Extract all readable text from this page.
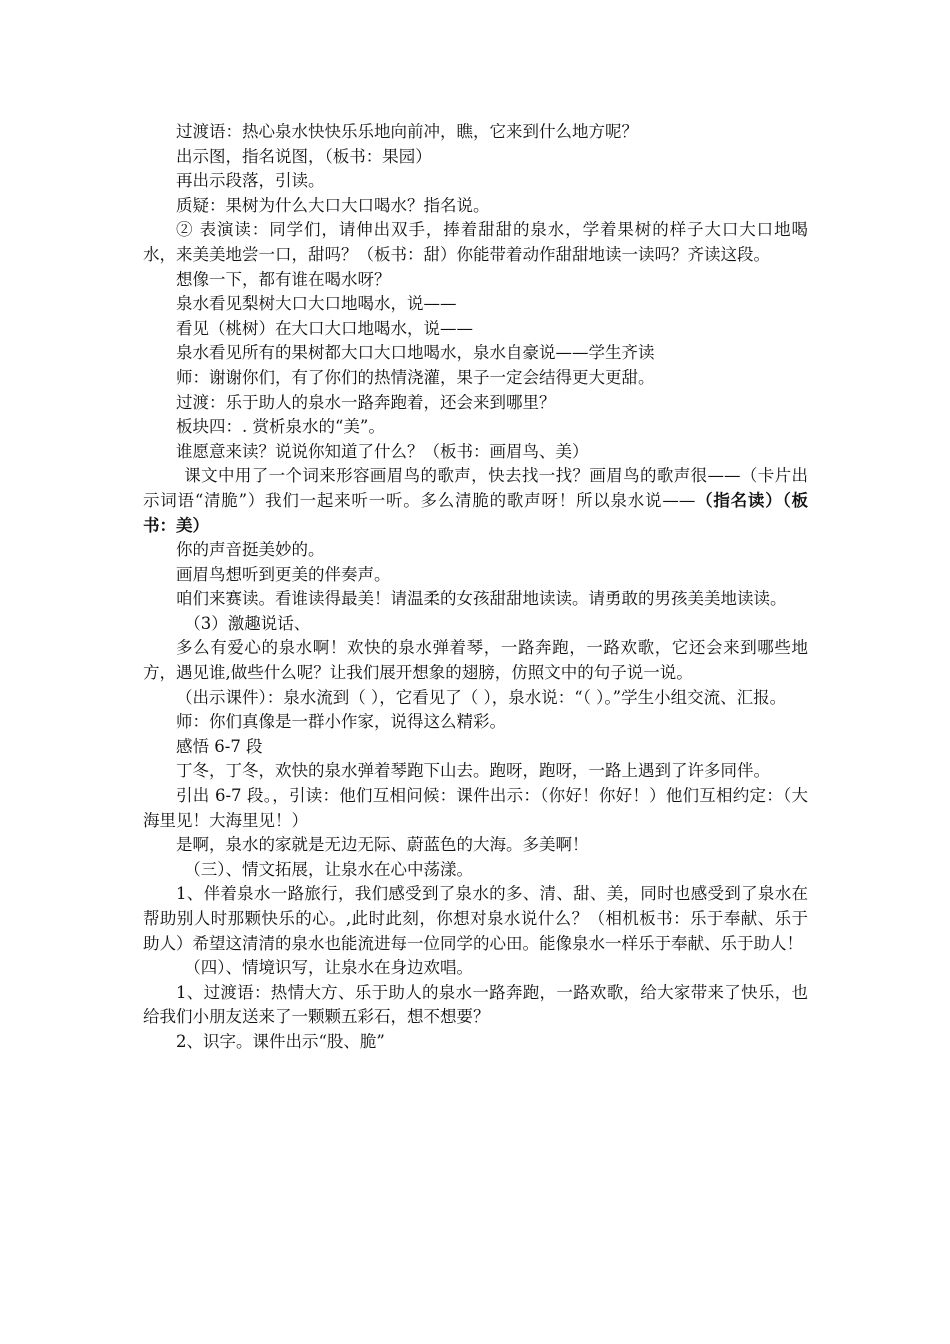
过渡语：热心泉水快快乐乐地向前冲，瞧，它来到什么地方呢？

出示图，指名说图，（板书：果园）

再出示段落，引读。

质疑：果树为什么大口大口喝水？指名说。

② 表演读：同学们，请伸出双手，捧着甜甜的泉水，学着果树的样子大口大口地喝水，来美美地尝一口，甜吗？（板书：甜）你能带着动作甜甜地读一读吗？齐读这段。

想像一下，都有谁在喝水呀？

泉水看见梨树大口大口地喝水，说——

看见（桃树）在大口大口地喝水，说——

泉水看见所有的果树都大口大口地喝水，泉水自豪说——学生齐读

师：谢谢你们，有了你们的热情浇灌，果子一定会结得更大更甜。

过渡：乐于助人的泉水一路奔跑着，还会来到哪里？

板块四：. 赏析泉水的“美”。

谁愿意来读？说说你知道了什么？（板书：画眉鸟、美）

课文中用了一个词来形容画眉鸟的歌声，快去找一找？画眉鸟的歌声很——（卡片出示词语“清脆”）我们一起来听一听。多么清脆的歌声呀！所以泉水说——（指名读）（板书：美）

你的声音挺美妙的。

画眉鸟想听到更美的伴奏声。

咱们来赛读。看谁读得最美！请温柔的女孩甜甜地读读。请勇敢的男孩美美地读读。

（3）激趣说话、

多么有爱心的泉水啊！欢快的泉水弹着琴，一路奔跑，一路欢歌，它还会来到哪些地方，遇见谁,做些什么呢？让我们展开想象的翅膀，仿照文中的句子说一说。

（出示课件）：泉水流到（ ），它看见了（ ），泉水说：“（ ）。”学生小组交流、汇报。

师：你们真像是一群小作家，说得这么精彩。

感悟 6-7 段

丁冬，丁冬，欢快的泉水弹着琴跑下山去。跑呀，跑呀，一路上遇到了许多同伴。

引出 6-7 段。，引读：他们互相问候：课件出示：（你好！你好！）他们互相约定：（大海里见！大海里见！）

是啊，泉水的家就是无边无际、蔚蓝色的大海。多美啊！

（三）、情文拓展，让泉水在心中荡漾。

1、伴着泉水一路旅行，我们感受到了泉水的多、清、甜、美，同时也感受到了泉水在帮助别人时那颗快乐的心。,此时此刻，你想对泉水说什么？（相机板书：乐于奉献、乐于助人）希望这清清的泉水也能流进每一位同学的心田。能像泉水一样乐于奉献、乐于助人！

（四）、情境识写，让泉水在身边欢唱。

1、过渡语：热情大方、乐于助人的泉水一路奔跑，一路欢歌，给大家带来了快乐，也给我们小朋友送来了一颗颗五彩石，想不想要？

2、识字。课件出示“股、脆”
